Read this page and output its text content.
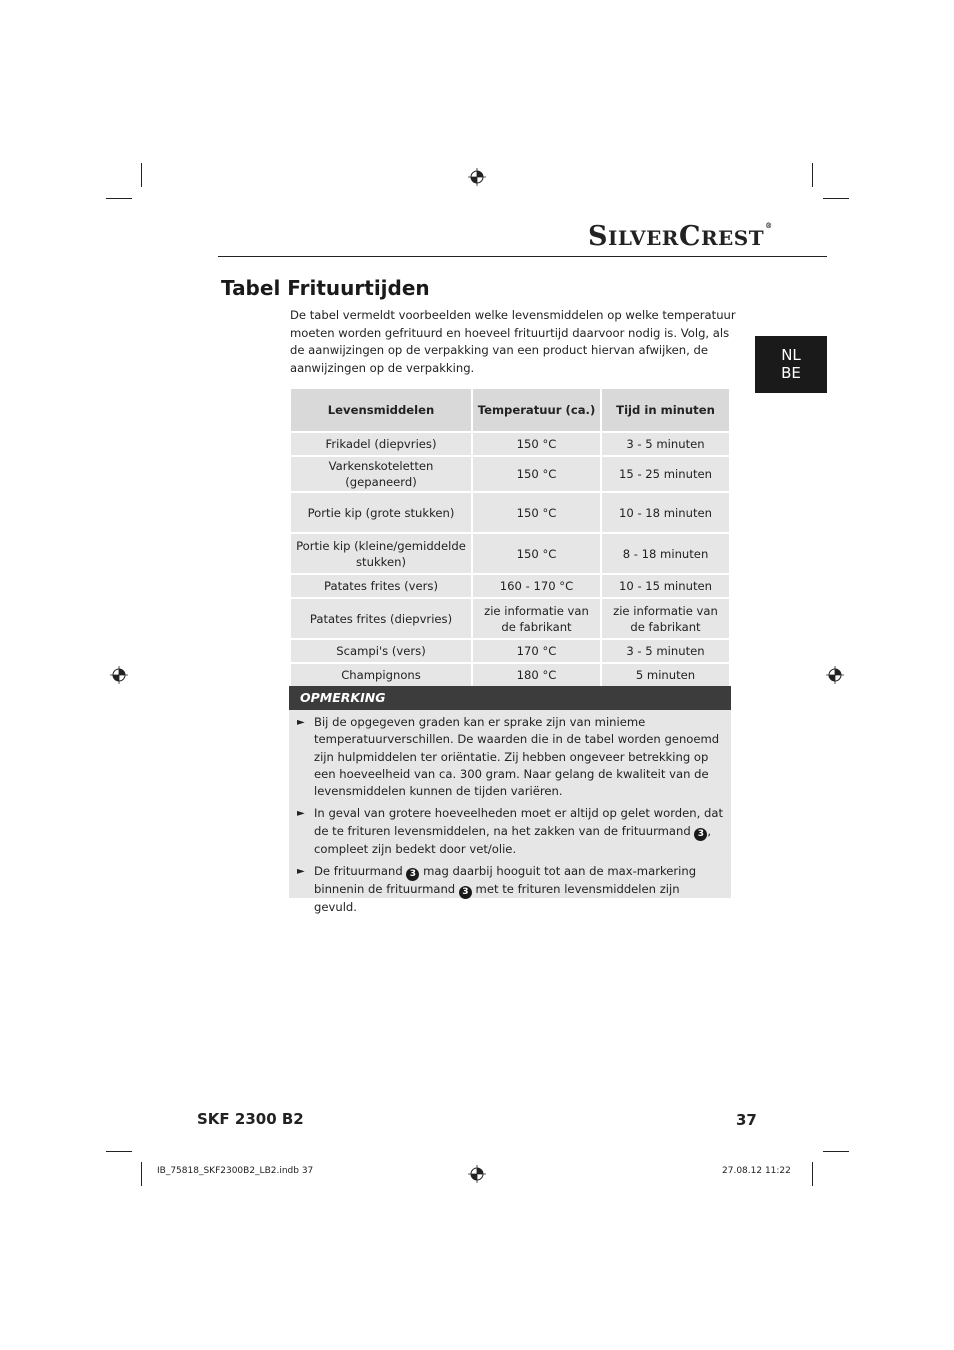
SILVERCREST®
Tabel Frituurtijden
De tabel vermeldt voorbeelden welke levensmiddelen op welke temperatuur moeten worden gefrituurd en hoeveel frituurtijd daarvoor nodig is. Volg, als de aanwijzingen op de verpakking van een product hiervan afwijken, de aanwijzingen op de verpakking.
NL
BE
Levensmiddelen	Temperatuur (ca.)	Tijd in minuten
Frikadel (diepvries)	150 °C	3 - 5 minuten
Varkenskoteletten (gepaneerd)	150 °C	15 - 25 minuten
Portie kip (grote stukken)	150 °C	10 - 18 minuten
Portie kip (kleine/gemiddelde stukken)	150 °C	8 - 18 minuten
Patates frites (vers)	160 - 170 °C	10 - 15 minuten
Patates frites (diepvries)	zie informatie van de fabrikant	zie informatie van de fabrikant
Scampi's (vers)	170 °C	3 - 5 minuten
Champignons	180 °C	5 minuten
OPMERKING
► Bij de opgegeven graden kan er sprake zijn van minieme temperatuurverschillen. De waarden die in de tabel worden genoemd zijn hulpmiddelen ter oriëntatie. Zij hebben ongeveer betrekking op een hoeveelheid van ca. 300 gram. Naar gelang de kwaliteit van de levensmiddelen kunnen de tijden variëren.
► In geval van grotere hoeveelheden moet er altijd op gelet worden, dat de te frituren levensmiddelen, na het zakken van de frituurmand 3 , compleet zijn bedekt door vet/olie.
► De frituurmand 3 mag daarbij hooguit tot aan de max-markering binnenin de frituurmand 3 met te frituren levensmiddelen zijn gevuld.
SKF 2300 B2	37
IB_75818_SKF2300B2_LB2.indb 37	27.08.12 11:22
